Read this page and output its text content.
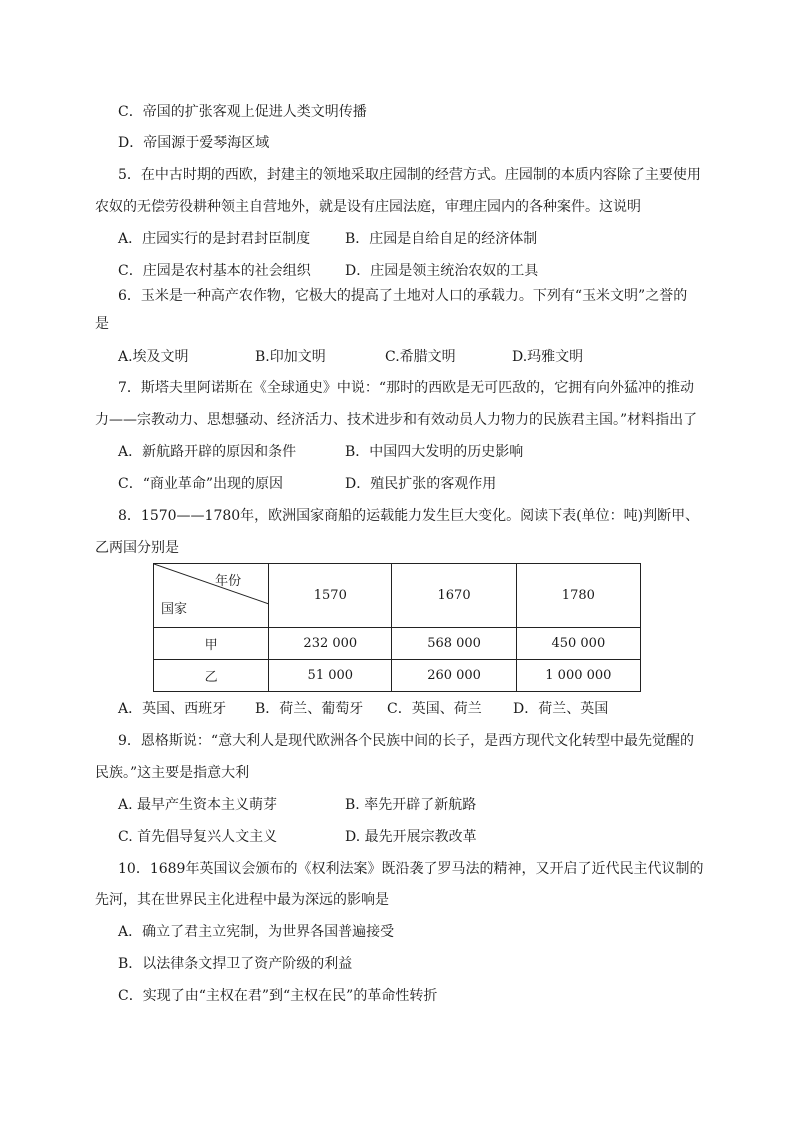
C．帝国的扩张客观上促进人类文明传播
D．帝国源于爱琴海区域
5．在中古时期的西欧，封建主的领地采取庄园制的经营方式。庄园制的本质内容除了主要使用
农奴的无偿劳役耕种领主自营地外，就是设有庄园法庭，审理庄园内的各种案件。这说明
A．庄园实行的是封君封臣制度 B．庄园是自给自足的经济体制
C．庄园是农村基本的社会组织 D．庄园是领主统治农奴的工具
6．玉米是一种高产农作物，它极大的提高了土地对人口的承载力。下列有“玉米文明”之誉的
是
A.埃及文明	B.印加文明	C.希腊文明	D.玛雅文明
7．斯塔夫里阿诺斯在《全球通史》中说：“那时的西欧是无可匹敌的，它拥有向外猛冲的推动
力——宗教动力、思想骚动、经济活力、技术进步和有效动员人力物力的民族君主国。”材料指出了
A．新航路开辟的原因和条件	B．中国四大发明的历史影响
C．“商业革命”出现的原因	D．殖民扩张的客观作用
8．1570——1780年，欧洲国家商船的运载能力发生巨大变化。阅读下表(单位：吨)判断甲、
乙两国分别是
年份
国家	1570	1670	1780
甲	232 000	568 000	450 000
乙	51 000	260 000	1 000 000
A．英国、西班牙 B．荷兰、葡萄牙 C．英国、荷兰 D．荷兰、英国
9．恩格斯说：“意大利人是现代欧洲各个民族中间的长子，是西方现代文化转型中最先觉醒的
民族。”这主要是指意大利
A. 最早产生资本主义萌芽	B. 率先开辟了新航路
C. 首先倡导复兴人文主义	D. 最先开展宗教改革
10．1689年英国议会颁布的《权利法案》既沿袭了罗马法的精神，又开启了近代民主代议制的
先河，其在世界民主化进程中最为深远的影响是
A．确立了君主立宪制，为世界各国普遍接受
B．以法律条文捍卫了资产阶级的利益
C．实现了由“主权在君”到“主权在民”的革命性转折
